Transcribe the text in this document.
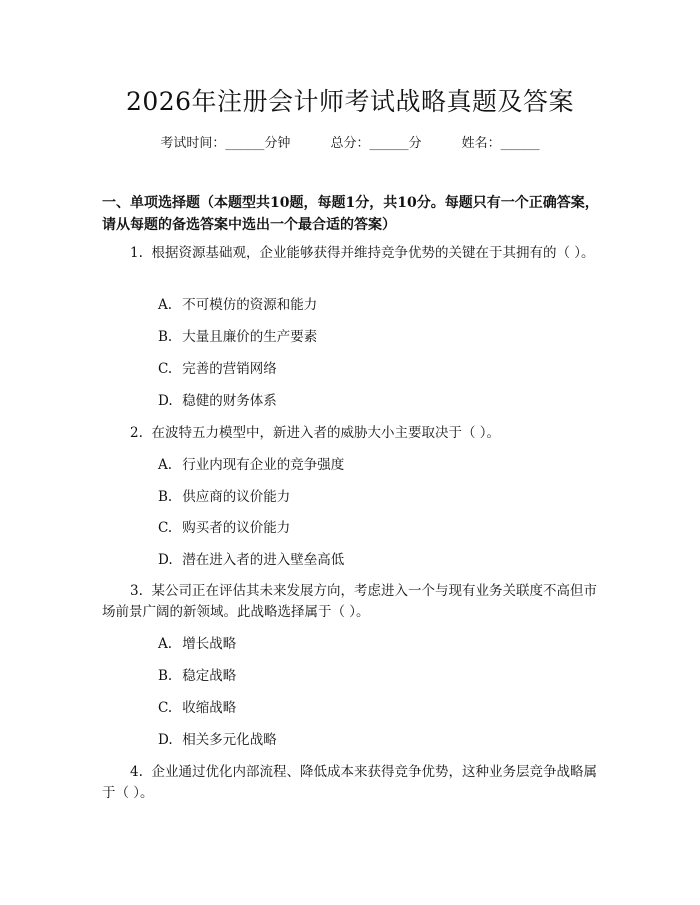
2026年注册会计师考试战略真题及答案
考试时间：______分钟	总分：______分	姓名：______
一、单项选择题（本题型共10题，每题1分，共10分。每题只有一个正确答案，请从每题的备选答案中选出一个最合适的答案）
1. 根据资源基础观，企业能够获得并维持竞争优势的关键在于其拥有的（ ）。
A. 不可模仿的资源和能力
B. 大量且廉价的生产要素
C. 完善的营销网络
D. 稳健的财务体系
2. 在波特五力模型中，新进入者的威胁大小主要取决于（ ）。
A. 行业内现有企业的竞争强度
B. 供应商的议价能力
C. 购买者的议价能力
D. 潜在进入者的进入壁垒高低
3. 某公司正在评估其未来发展方向，考虑进入一个与现有业务关联度不高但市场前景广阔的新领域。此战略选择属于（ ）。
A. 增长战略
B. 稳定战略
C. 收缩战略
D. 相关多元化战略
4. 企业通过优化内部流程、降低成本来获得竞争优势，这种业务层竞争战略属于（ ）。
